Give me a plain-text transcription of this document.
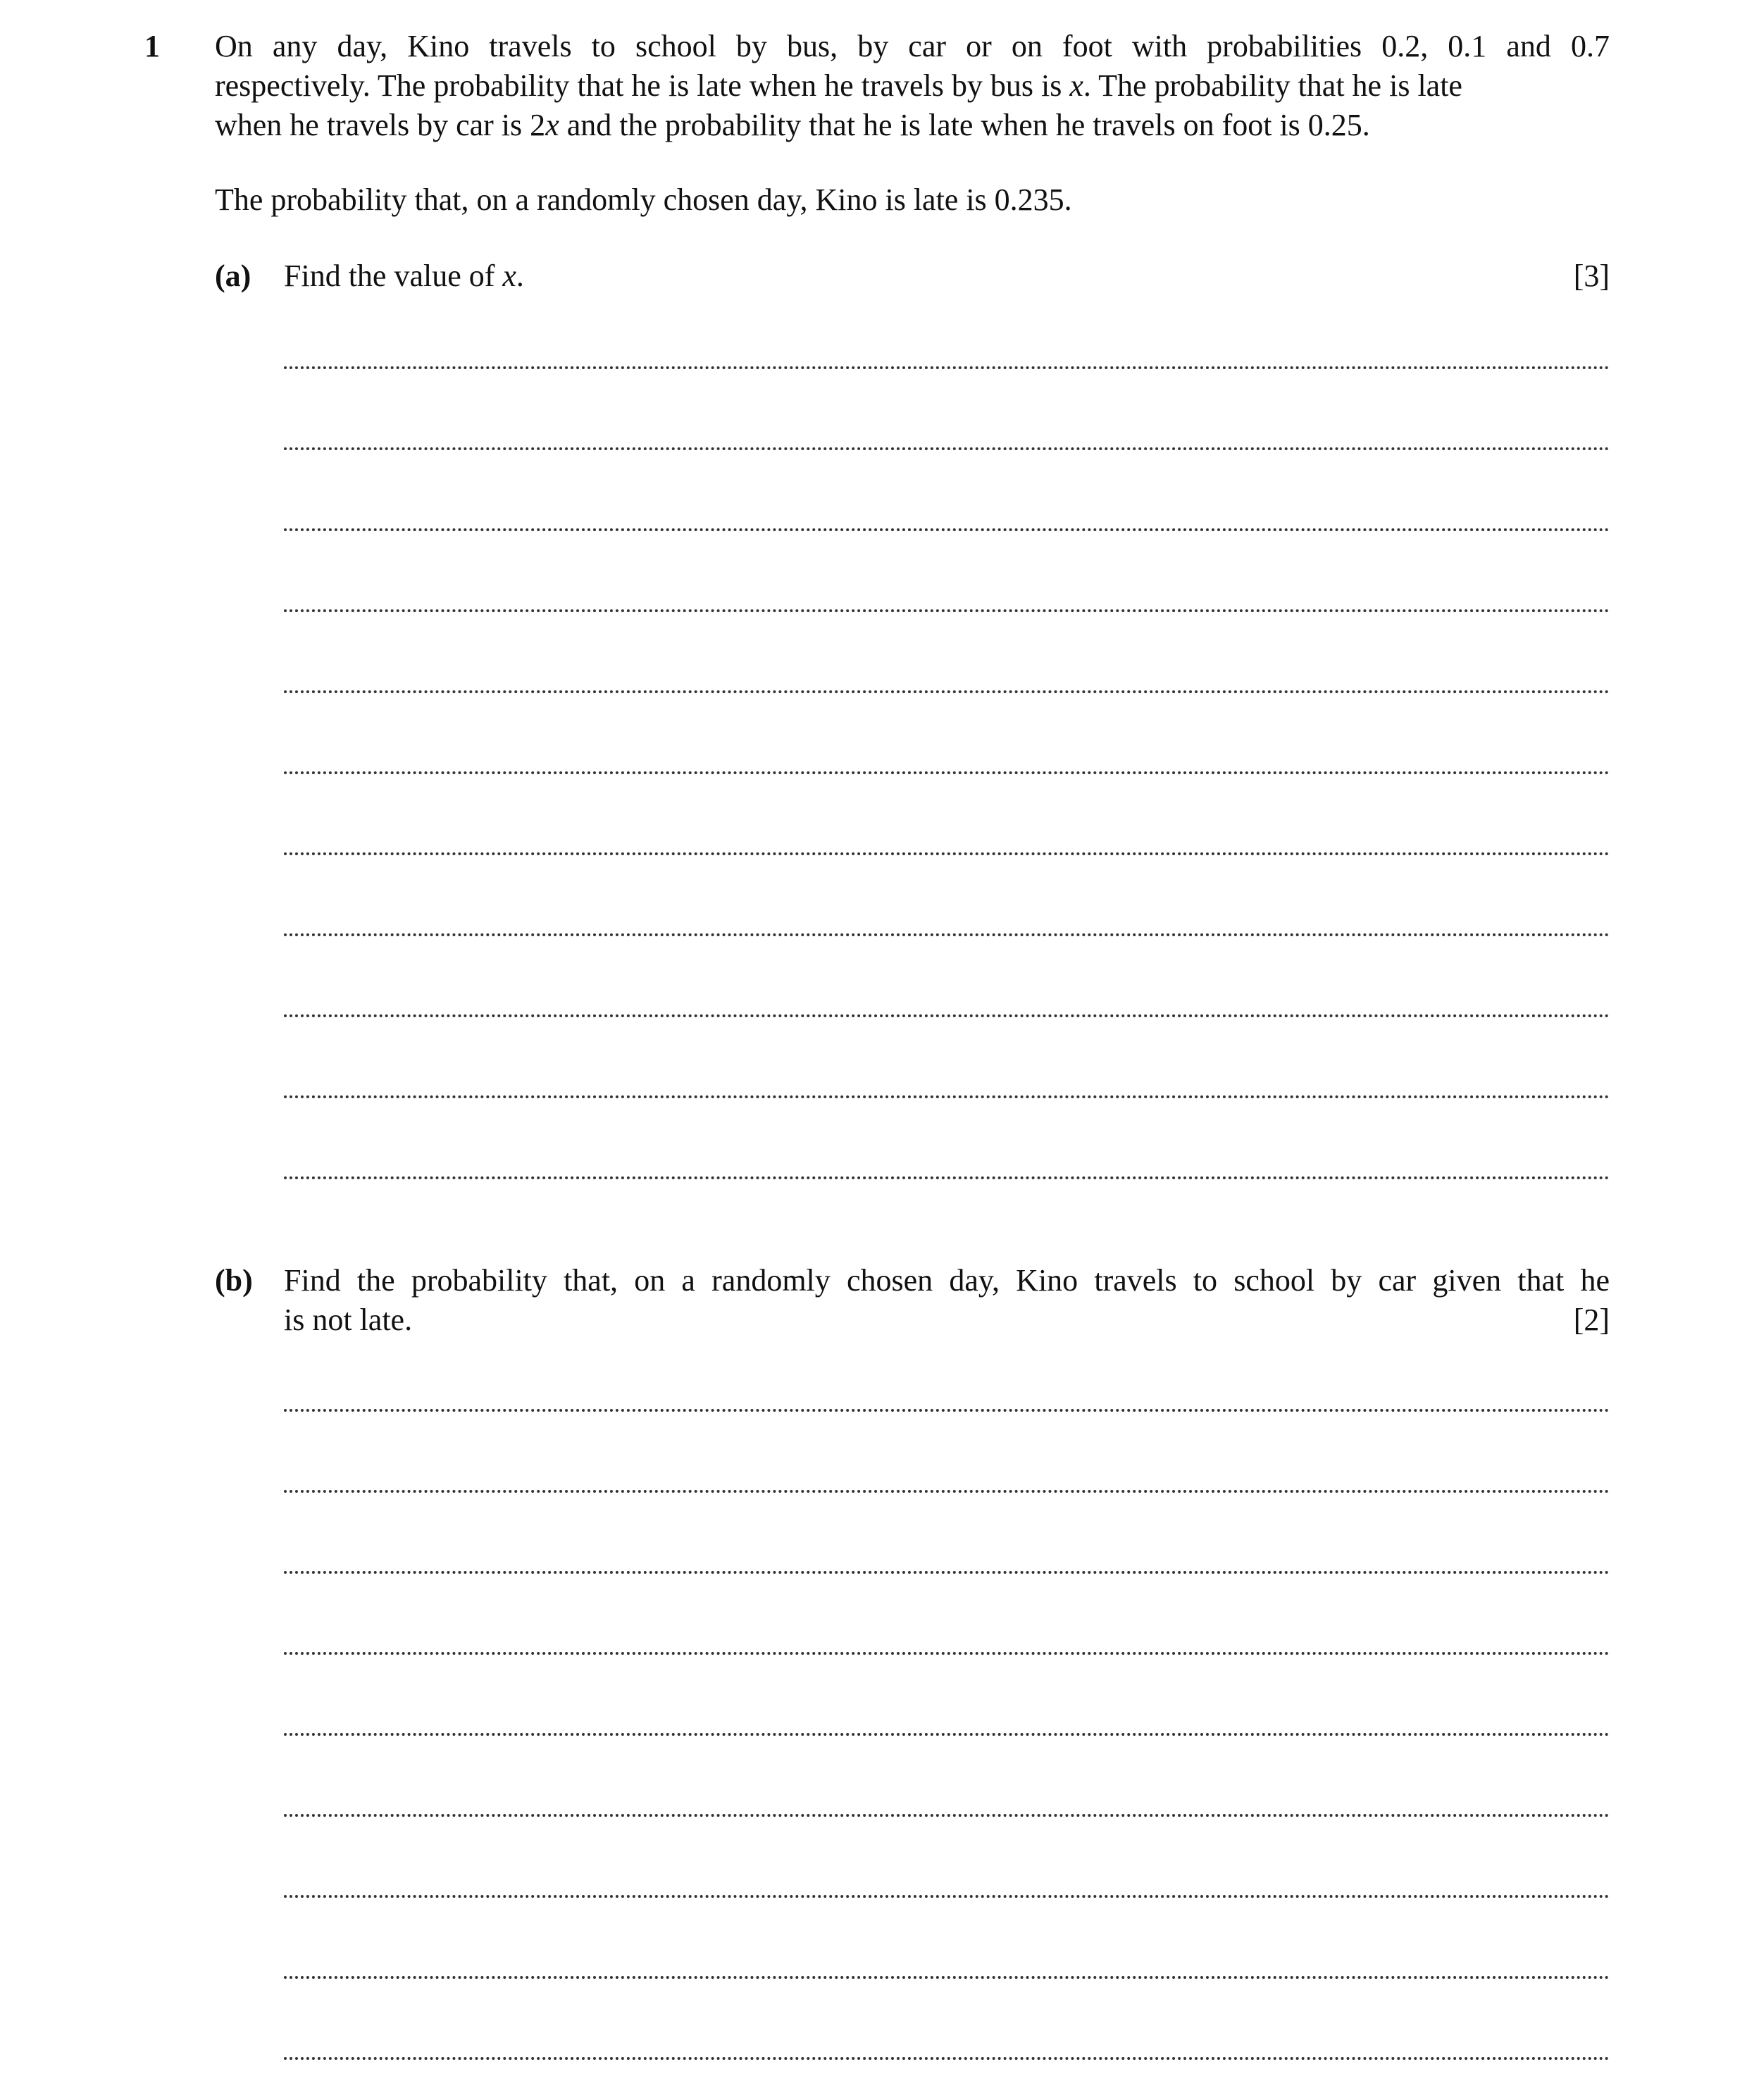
1 On any day, Kino travels to school by bus, by car or on foot with probabilities 0.2, 0.1 and 0.7

respectively. The probability that he is late when he travels by bus is x. The probability that he is late

when he travels by car is 2x and the probability that he is late when he travels on foot is 0.25.

The probability that, on a randomly chosen day, Kino is late is 0.235.
(a) Find the value of x.	[3]
(b) Find the probability that, on a randomly chosen day, Kino travels to school by car given that he

is not late.	[2]
